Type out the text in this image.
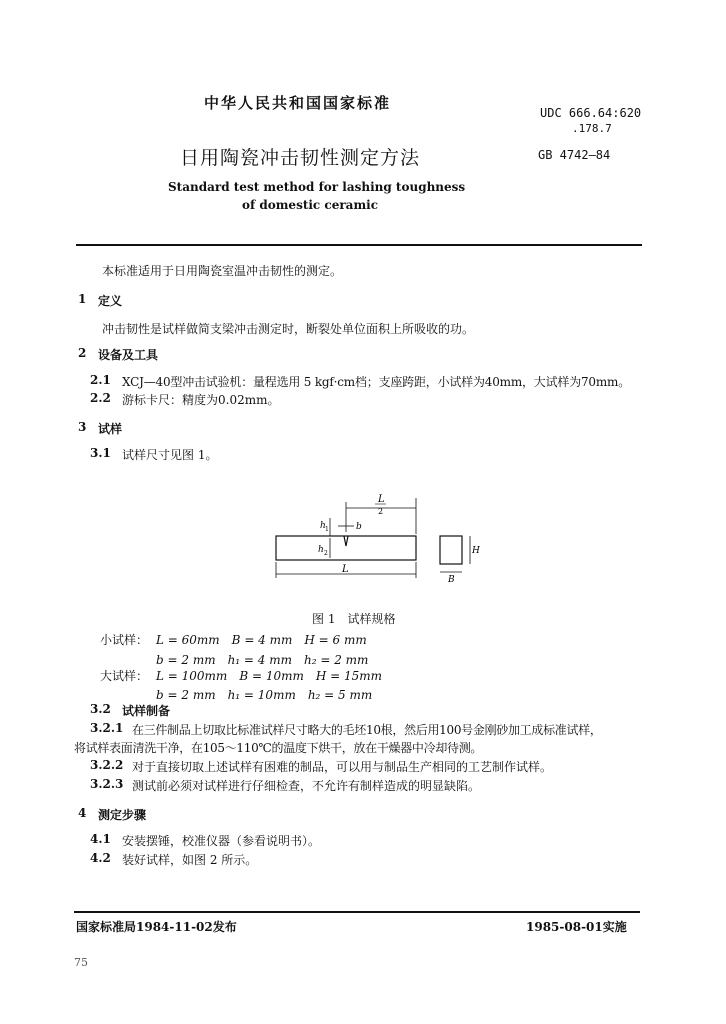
中华人民共和国国家标准
UDC 666.64:620
.178.7
日用陶瓷冲击韧性测定方法	GB 4742—84
Standard test method for lashing toughness
of domestic ceramic
本标准适用于日用陶瓷室温冲击韧性的测定。
1 定义
冲击韧性是试样做简支梁冲击测定时，断裂处单位面积上所吸收的功。
2 设备及工具
2.1 XCJ—40型冲击试验机：量程选用 5 kgf·cm档；支座跨距，小试样为40mm，大试样为70mm。
2.2 游标卡尺：精度为0.02mm。
3 试样
3.1 试样尺寸见图 1。
L
2
h 1	b
h 2
L
H
B
图 1　试样规格
小试样： L = 60mm　B = 4 mm　H = 6 mm
b = 2 mm　h₁ = 4 mm　h₂ = 2 mm
大试样： L = 100mm　B = 10mm　H = 15mm
b = 2 mm　h₁ = 10mm　h₂ = 5 mm
3.2 试样制备
3.2.1 在三件制品上切取比标准试样尺寸略大的毛坯10根，然后用100号金刚砂加工成标准试样，
将试样表面清洗干净，在105～110℃的温度下烘干，放在干燥器中冷却待测。
3.2.2 对于直接切取上述试样有困难的制品，可以用与制品生产相同的工艺制作试样。
3.2.3 测试前必须对试样进行仔细检查，不允许有制样造成的明显缺陷。
4 测定步骤
4.1 安装摆锤，校准仪器（参看说明书）。
4.2 装好试样，如图 2 所示。
国家标准局1984-11-02发布	1985-08-01实施
75
